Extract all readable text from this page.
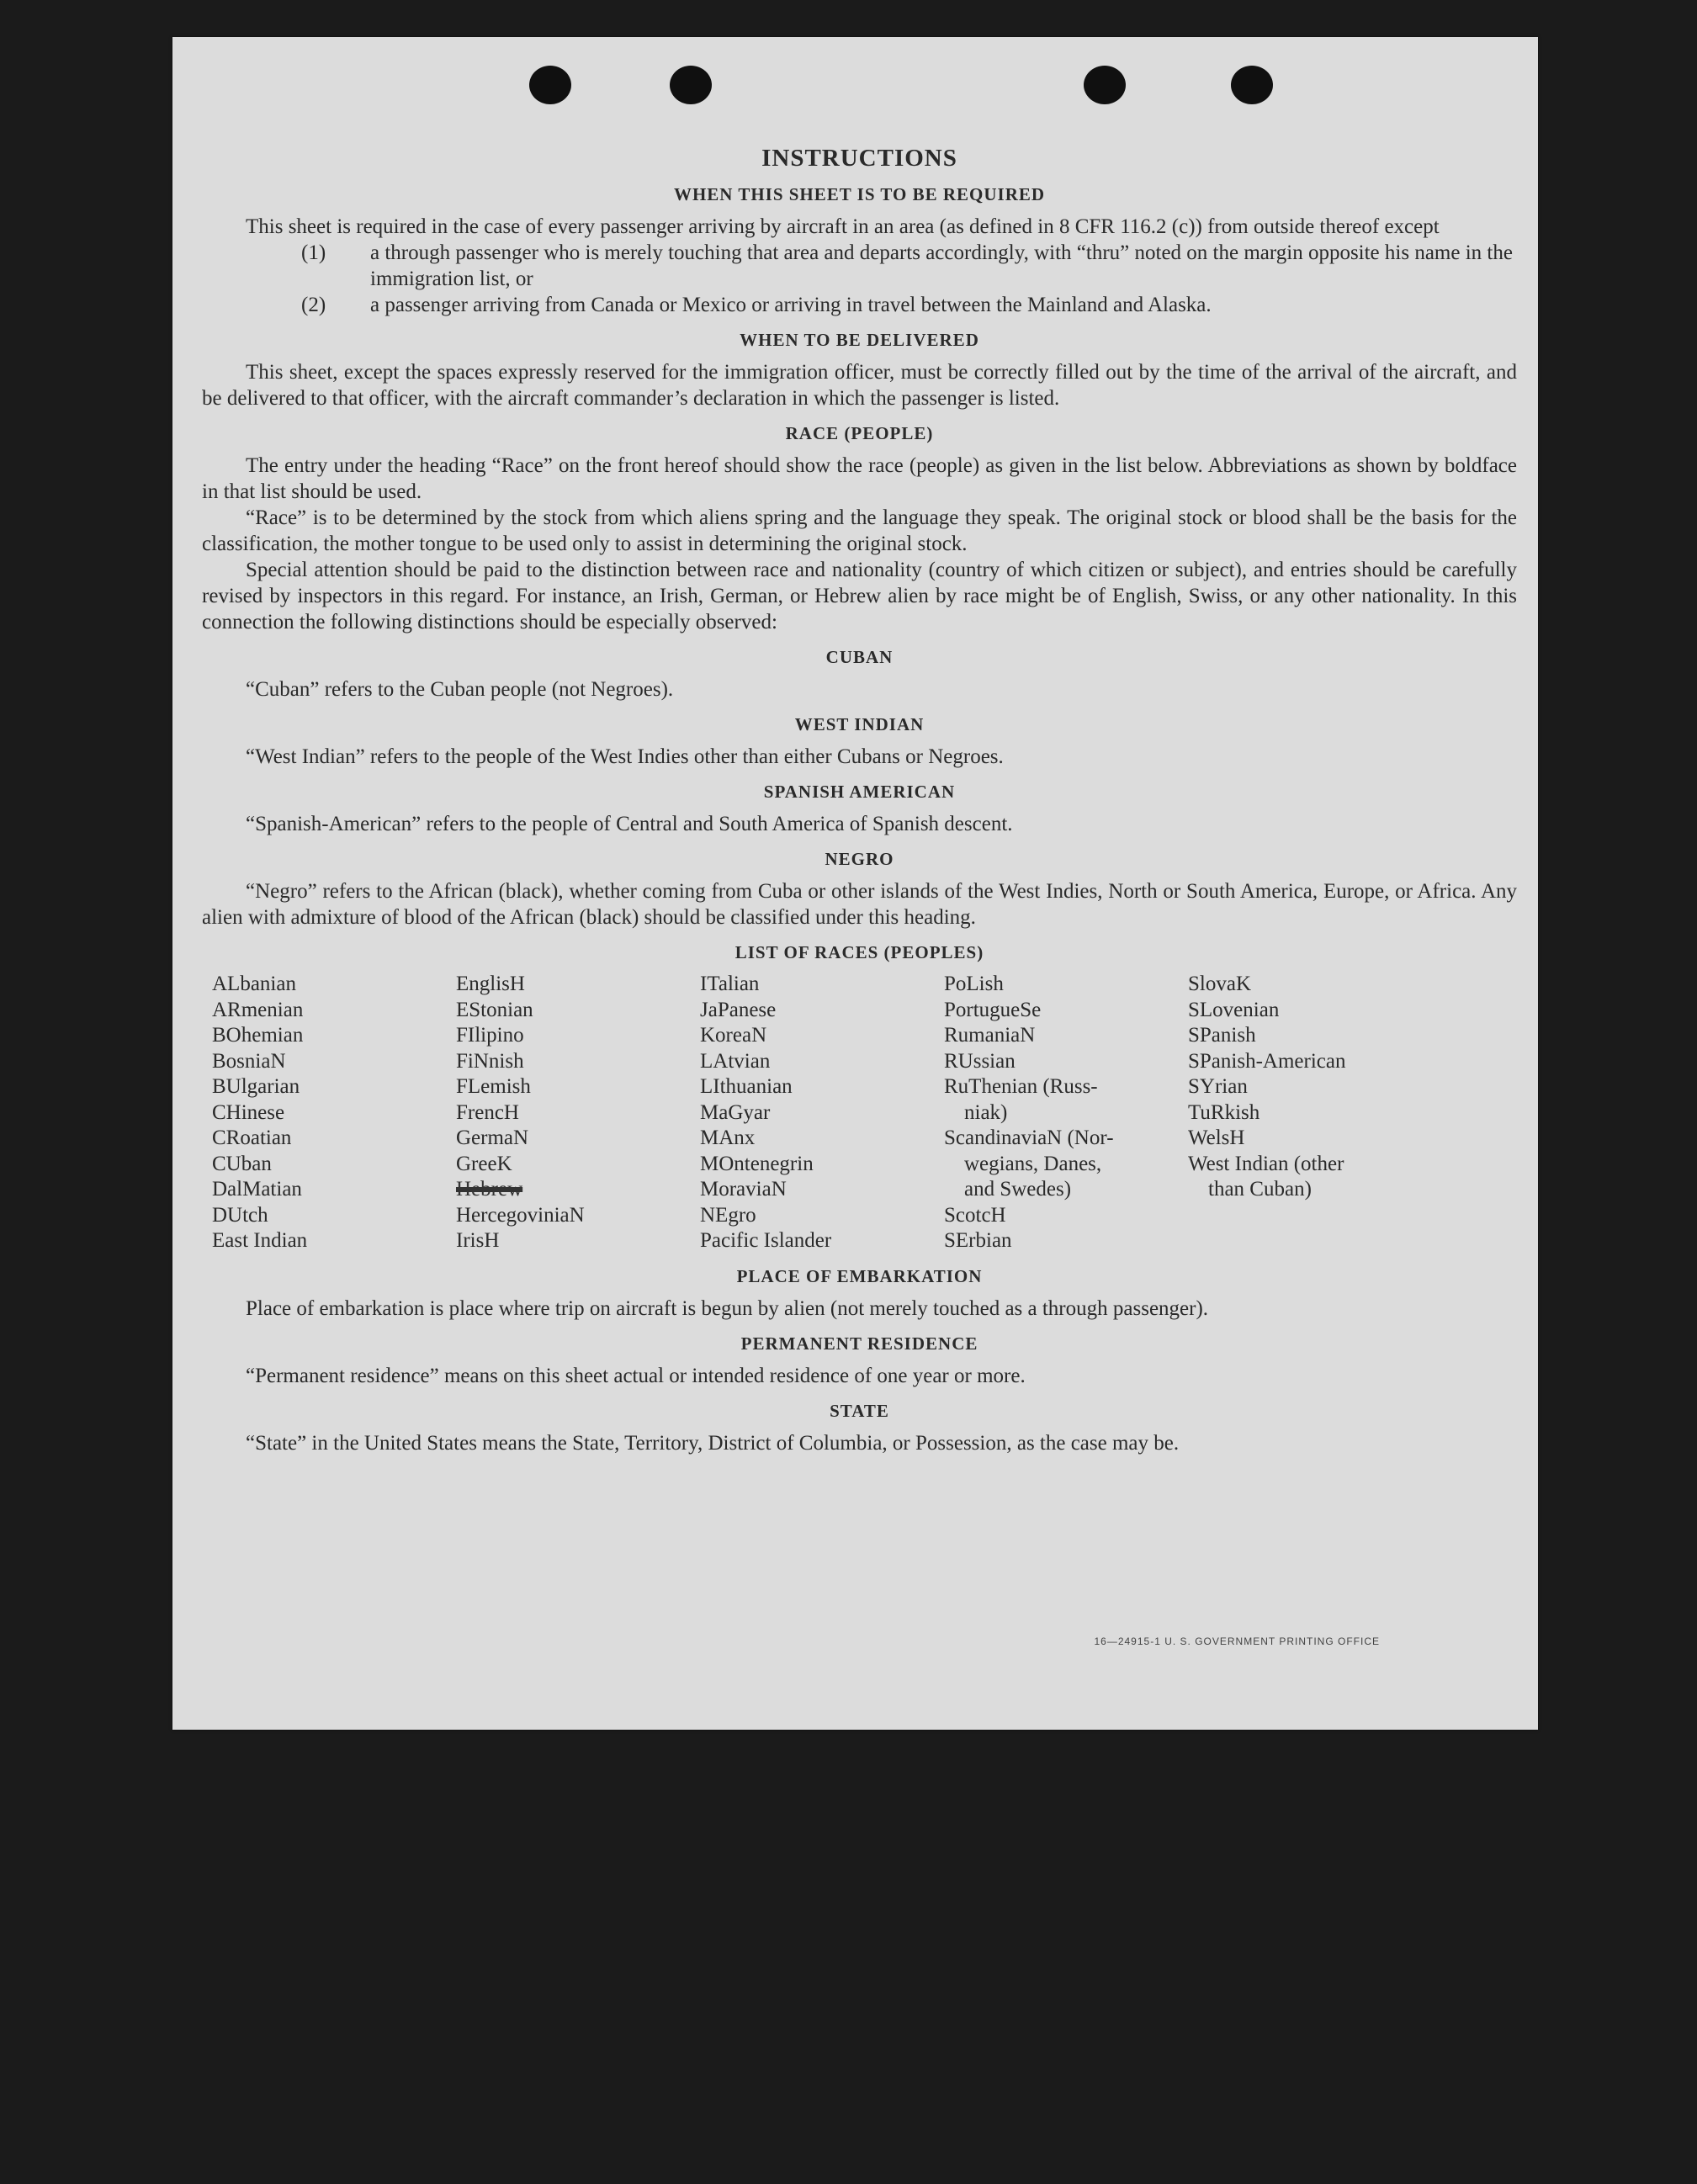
INSTRUCTIONS
WHEN THIS SHEET IS TO BE REQUIRED

This sheet is required in the case of every passenger arriving by aircraft in an area (as defined in 8 CFR 116.2 (c)) from outside thereof except

(1) a through passenger who is merely touching that area and departs accordingly, with “thru” noted on the margin opposite his name in the immigration list, or
(2) a passenger arriving from Canada or Mexico or arriving in travel between the Mainland and Alaska.
WHEN TO BE DELIVERED

This sheet, except the spaces expressly reserved for the immigration officer, must be correctly filled out by the time of the arrival of the aircraft, and be delivered to that officer, with the aircraft commander’s declaration in which the passenger is listed.

RACE (PEOPLE)

The entry under the heading “Race” on the front hereof should show the race (people) as given in the list below. Abbreviations as shown by boldface in that list should be used.

“Race” is to be determined by the stock from which aliens spring and the language they speak. The original stock or blood shall be the basis for the classification, the mother tongue to be used only to assist in determining the original stock.

Special attention should be paid to the distinction between race and nationality (country of which citizen or subject), and entries should be carefully revised by inspectors in this regard. For instance, an Irish, German, or Hebrew alien by race might be of English, Swiss, or any other nationality. In this connection the following distinctions should be especially observed:

CUBAN

“Cuban” refers to the Cuban people (not Negroes).

WEST INDIAN

“West Indian” refers to the people of the West Indies other than either Cubans or Negroes.

SPANISH AMERICAN

“Spanish-American” refers to the people of Central and South America of Spanish descent.

NEGRO

“Negro” refers to the African (black), whether coming from Cuba or other islands of the West Indies, North or South America, Europe, or Africa. Any alien with admixture of blood of the African (black) should be classified under this heading.

LIST OF RACES (PEOPLES)
ALbanian
ARmenian
BOhemian
BosniaN
BUlgarian
CHinese
CRoatian
CUban
DalMatian
DUtch
East Indian
EnglisH
EStonian
FIlipino
FiNnish
FLemish
FrencH
GermaN
GreeK
Hebrew
HercegoviniaN
IrisH
ITalian
JaPanese
KoreaN
LAtvian
LIthuanian
MaGyar
MAnx
MOntenegrin
MoraviaN
NEgro
Pacific Islander
PoLish
PortugueSe
RumaniaN
RUssian
RuThenian (Russ-
niak)
ScandinaviaN (Nor-
wegians, Danes,
and Swedes)
ScotcH
SErbian
SlovaK
SLovenian
SPanish
SPanish-American
SYrian
TuRkish
WelsH
West Indian (other
than Cuban)
PLACE OF EMBARKATION

Place of embarkation is place where trip on aircraft is begun by alien (not merely touched as a through passenger).

PERMANENT RESIDENCE

“Permanent residence” means on this sheet actual or intended residence of one year or more.

STATE

“State” in the United States means the State, Territory, District of Columbia, or Possession, as the case may be.

16—24915-1 U. S. GOVERNMENT PRINTING OFFICE
